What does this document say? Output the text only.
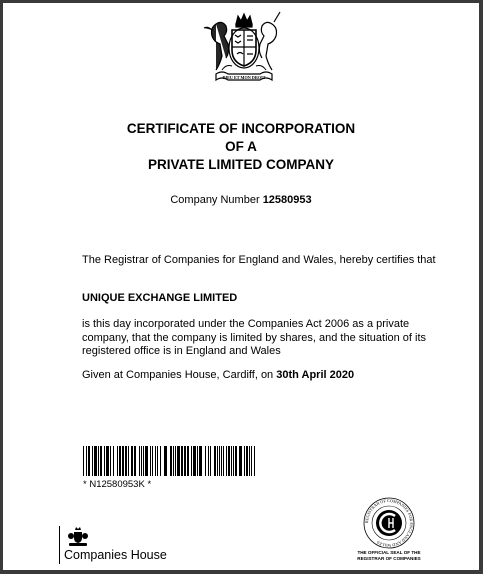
DIEU ET MON DROIT
CERTIFICATE OF INCORPORATION
OF A
PRIVATE LIMITED COMPANY
Company Number 12580953

The Registrar of Companies for England and Wales, hereby certifies that

UNIQUE EXCHANGE LIMITED

is this day incorporated under the Companies Act 2006 as a private company, that the company is limited by shares, and the situation of its registered office is in England and Wales

Given at Companies House, Cardiff, on 30th April 2020

* N12580953K *
Companies House
REGISTRAR OF COMPANIES FOR ENGLAND AND WALES

THE OFFICIAL SEAL OF THE
REGISTRAR OF COMPANIES
